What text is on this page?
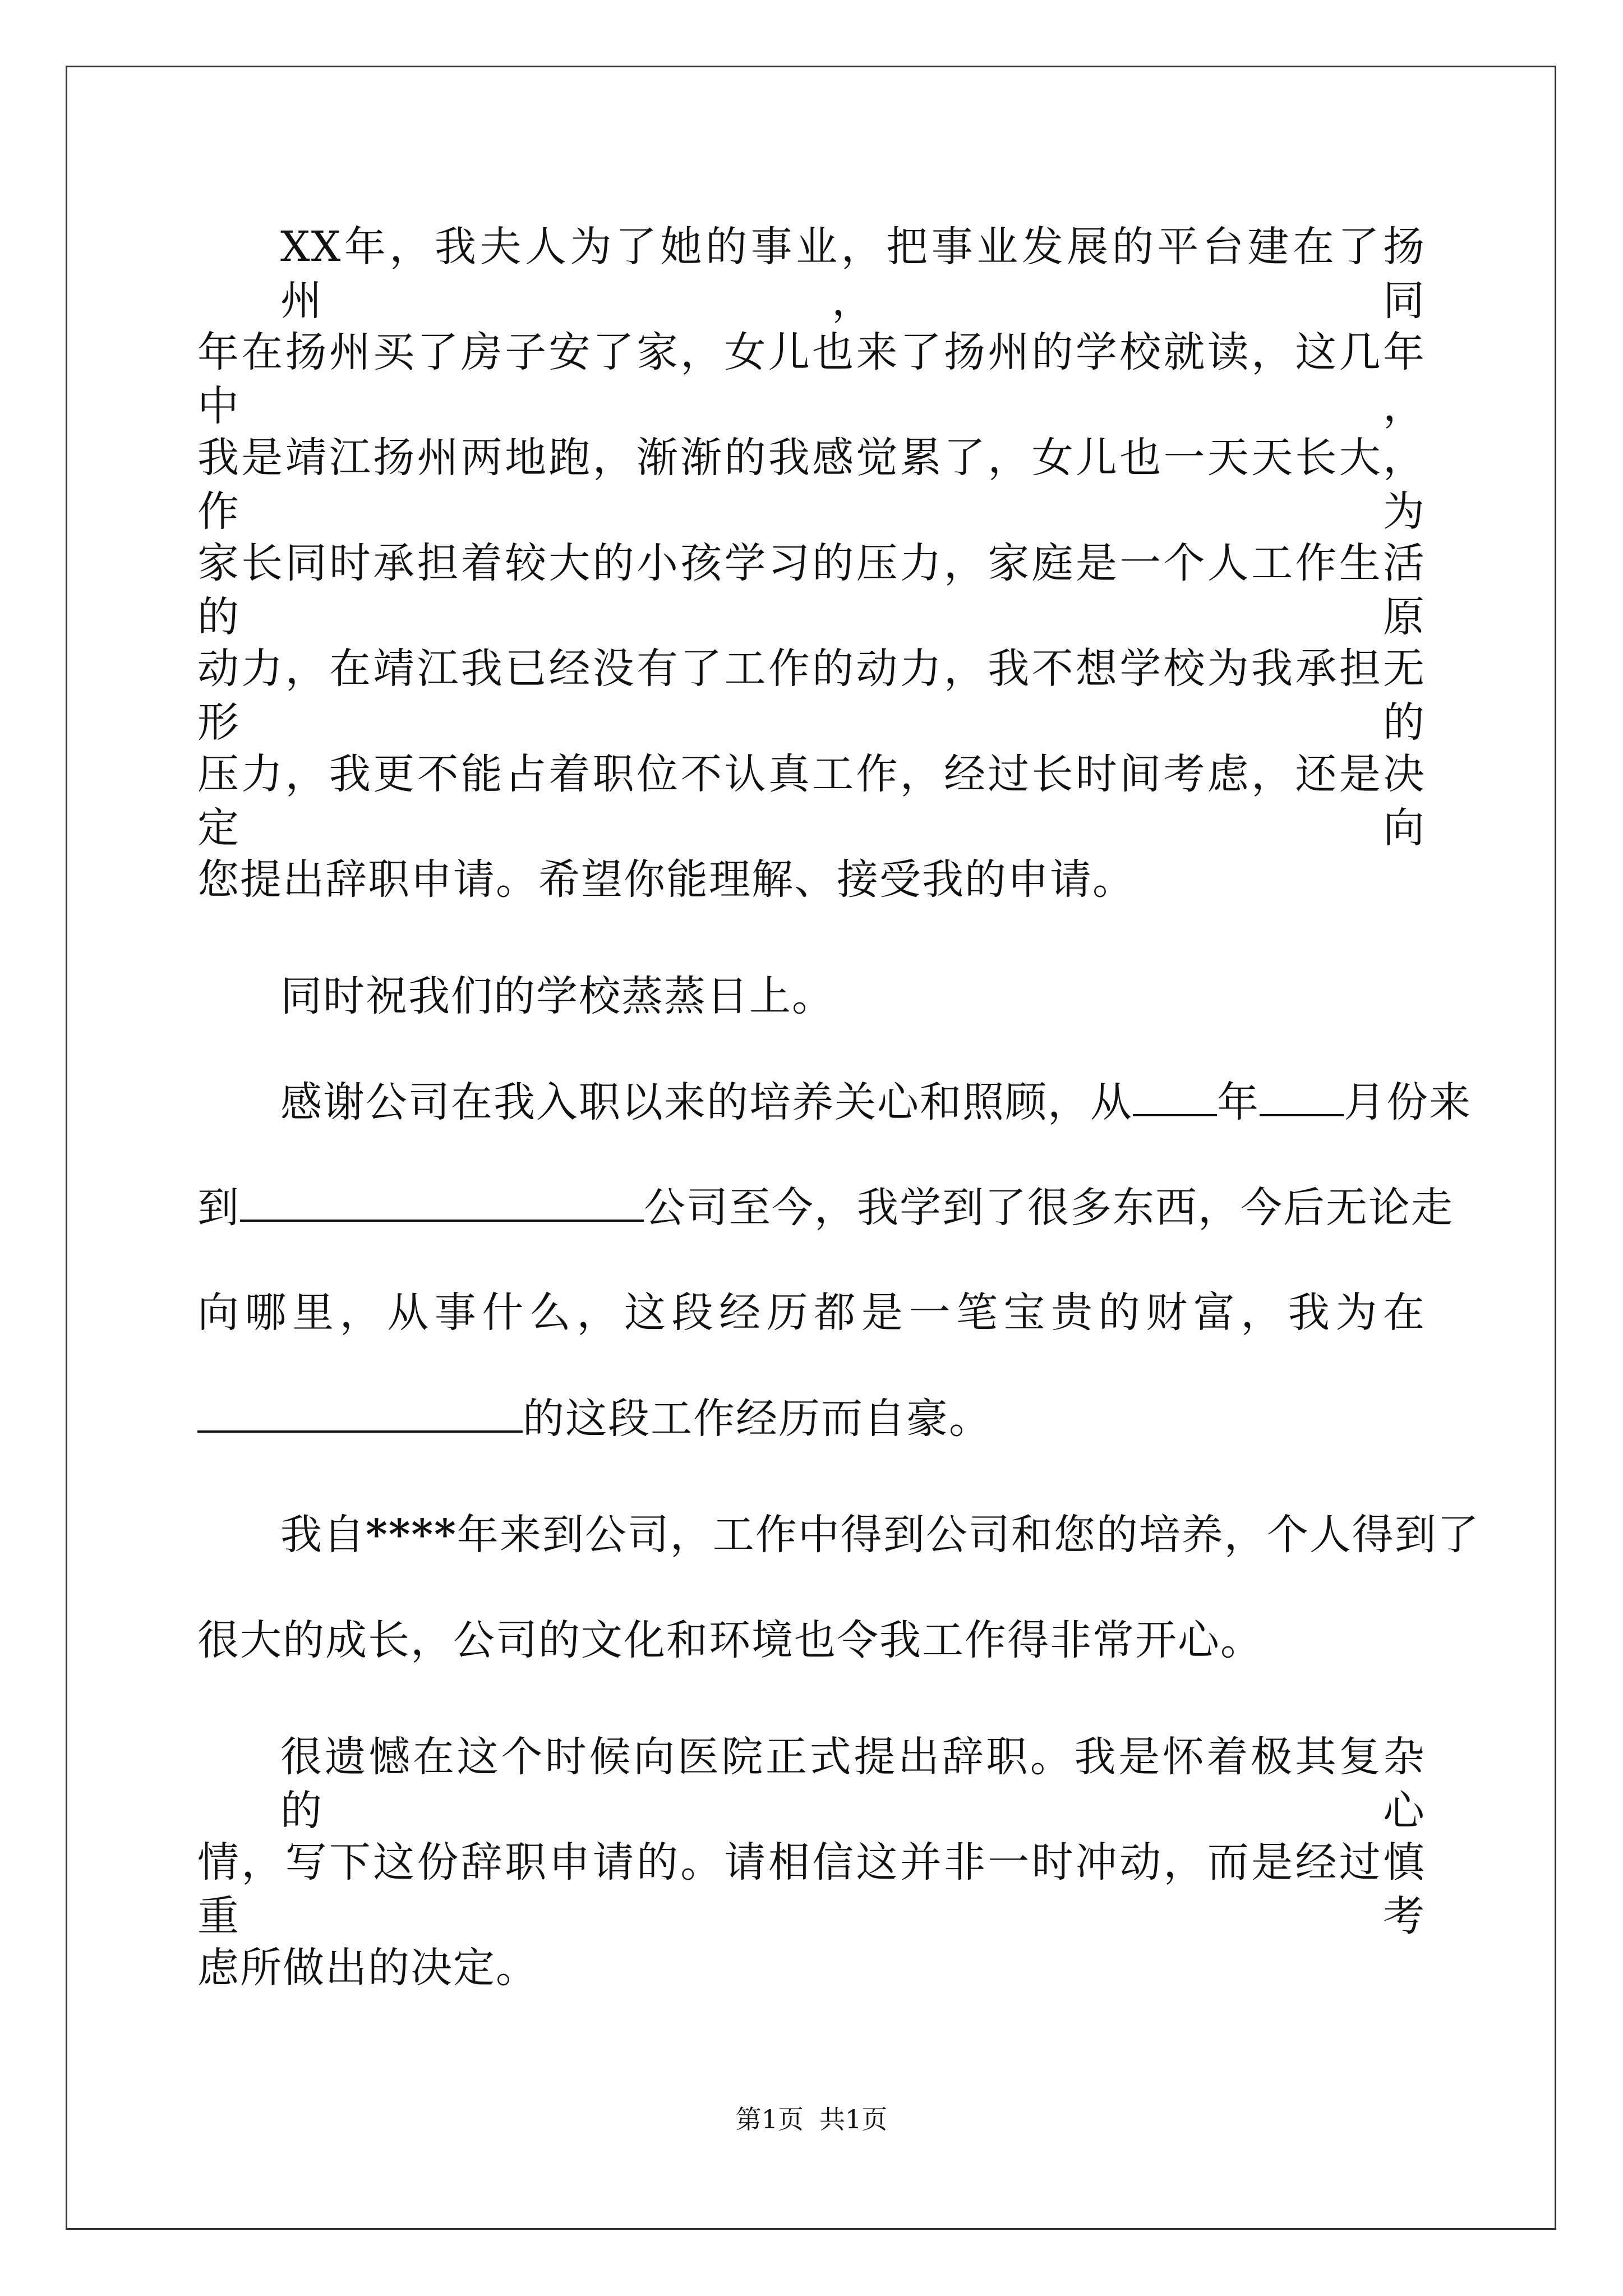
XX年，我夫人为了她的事业，把事业发展的平台建在了扬州，同
年在扬州买了房子安了家，女儿也来了扬州的学校就读，这几年中，
我是靖江扬州两地跑，渐渐的我感觉累了，女儿也一天天长大，作为
家长同时承担着较大的小孩学习的压力，家庭是一个人工作生活的原
动力，在靖江我已经没有了工作的动力，我不想学校为我承担无形的
压力，我更不能占着职位不认真工作，经过长时间考虑，还是决定向
您提出辞职申请。希望你能理解、接受我的申请。
同时祝我们的学校蒸蒸日上。
感谢公司在我入职以来的培养关心和照顾，从 年 月份来
到	公司至今，我学到了很多东西，今后无论走
向哪里，从事什么，这段经历都是一笔宝贵的财富，我为在
的这段工作经历而自豪。
我自****年来到公司，工作中得到公司和您的培养，个人得到了
很大的成长，公司的文化和环境也令我工作得非常开心。
很遗憾在这个时候向医院正式提出辞职。我是怀着极其复杂的心
情，写下这份辞职申请的。请相信这并非一时冲动，而是经过慎重考
虑所做出的决定。
第1页 共1页
